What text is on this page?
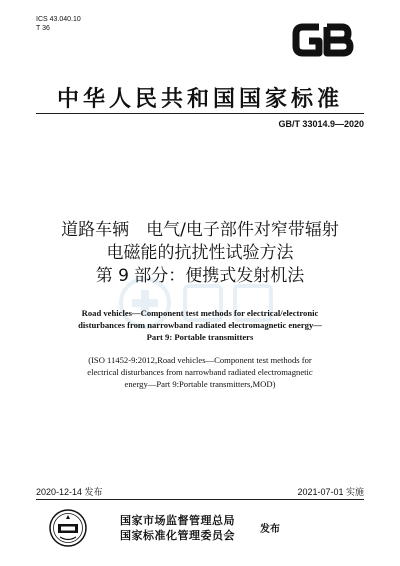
ICS 43.040.10
T 36
中华人民共和国国家标准
GB/T 33014.9—2020
道路车辆　电气/电子部件对窄带辐射
电磁能的抗扰性试验方法
第 9 部分：便携式发射机法
Road vehicles—Component test methods for electrical/electronic
disturbances from narrowband radiated electromagnetic energy—
Part 9: Portable transmitters
(ISO 11452-9:2012,Road vehicles—Component test methods for
electrical disturbances from narrowband radiated electromagnetic
energy—Part 9:Portable transmitters,MOD)
2020-12-14 发布	2021-07-01 实施
国家市场监督管理总局
国家标准化管理委员会	发布
